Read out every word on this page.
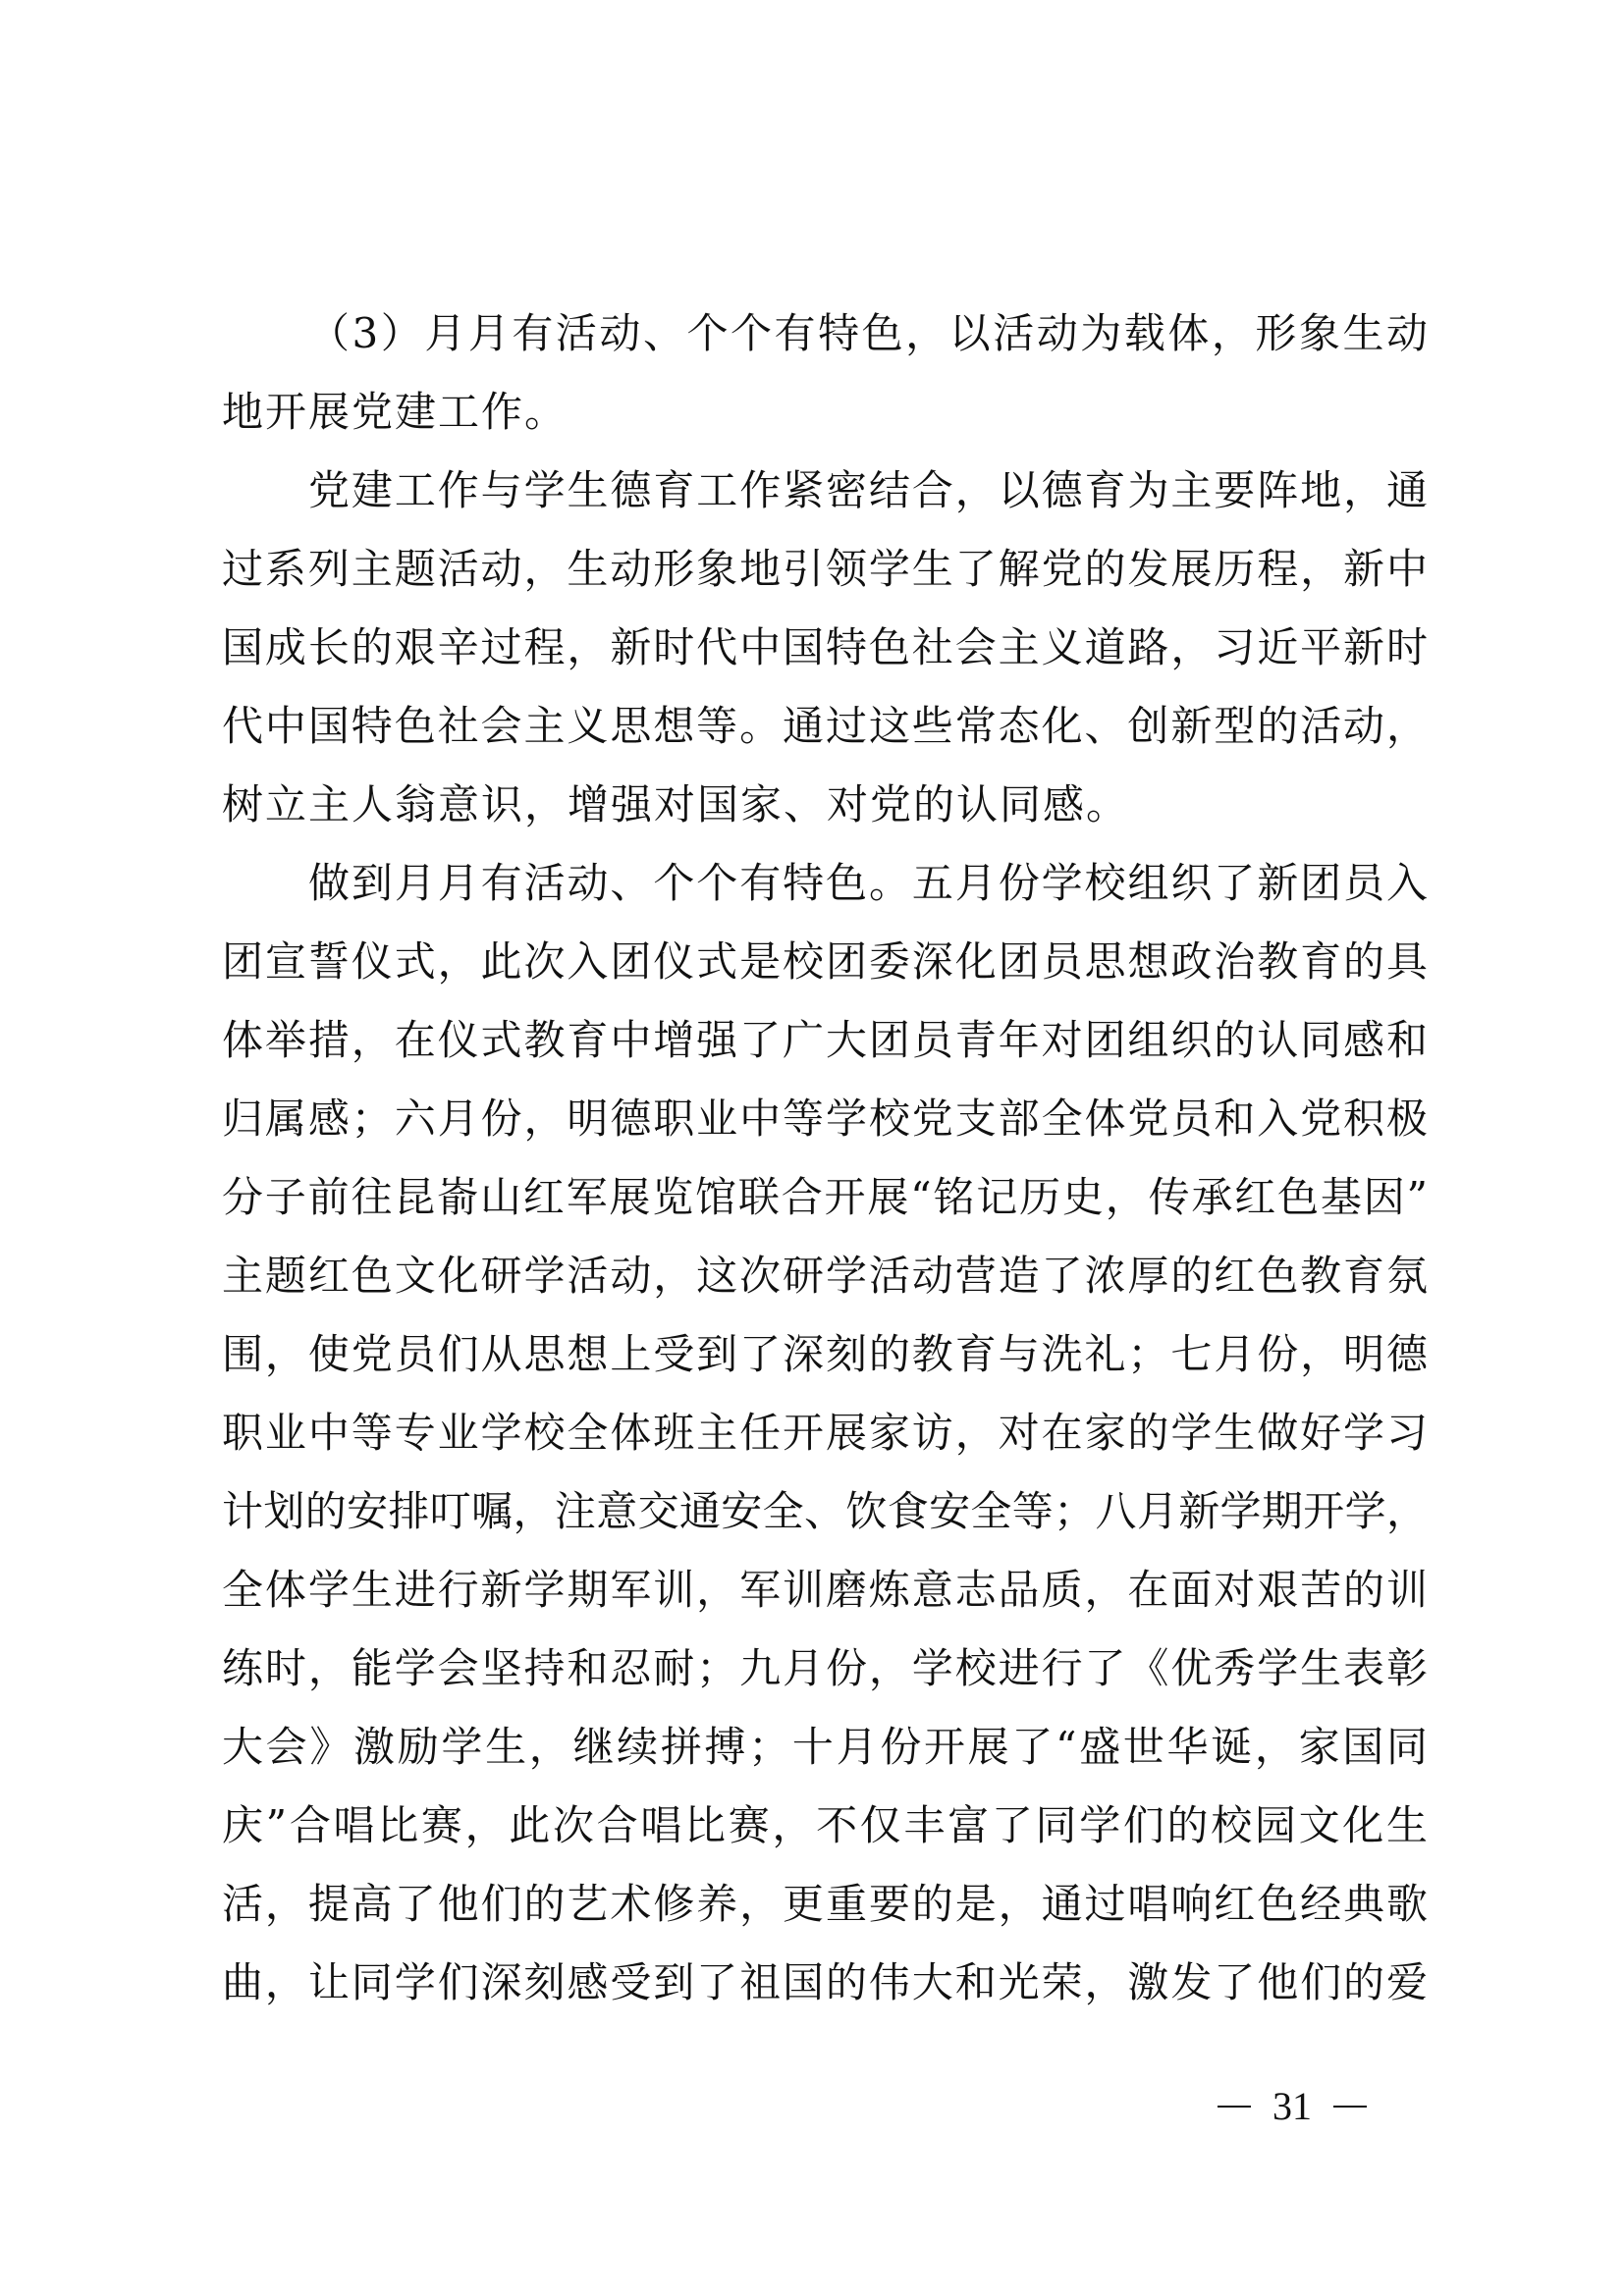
（3）月月有活动、个个有特色，以活动为载体，形象生动
地开展党建工作。
党建工作与学生德育工作紧密结合，以德育为主要阵地，通
过系列主题活动，生动形象地引领学生了解党的发展历程，新中
国成长的艰辛过程，新时代中国特色社会主义道路，习近平新时
代中国特色社会主义思想等。通过这些常态化、创新型的活动，
树立主人翁意识，增强对国家、对党的认同感。
做到月月有活动、个个有特色。五月份学校组织了新团员入
团宣誓仪式，此次入团仪式是校团委深化团员思想政治教育的具
体举措，在仪式教育中增强了广大团员青年对团组织的认同感和
归属感；六月份，明德职业中等学校党支部全体党员和入党积极
分子前往昆嵛山红军展览馆联合开展“铭记历史，传承红色基因”
主题红色文化研学活动，这次研学活动营造了浓厚的红色教育氛
围，使党员们从思想上受到了深刻的教育与洗礼；七月份，明德
职业中等专业学校全体班主任开展家访，对在家的学生做好学习
计划的安排叮嘱，注意交通安全、饮食安全等；八月新学期开学，
全体学生进行新学期军训，军训磨炼意志品质，在面对艰苦的训
练时，能学会坚持和忍耐；九月份，学校进行了《优秀学生表彰
大会》激励学生，继续拼搏；十月份开展了“盛世华诞，家国同
庆”合唱比赛，此次合唱比赛，不仅丰富了同学们的校园文化生
活，提高了他们的艺术修养，更重要的是，通过唱响红色经典歌
曲，让同学们深刻感受到了祖国的伟大和光荣，激发了他们的爱
31
